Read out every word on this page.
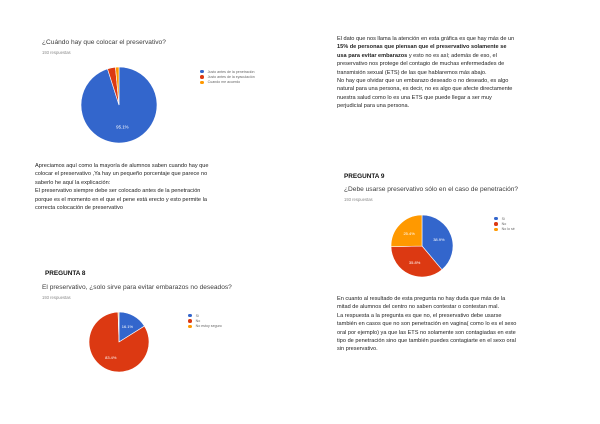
¿Cuándo hay que colocar el preservativo?
193 respuestas
95.1%
Justo antes de la penetración
Justo antes de la eyaculación
Cuando me acuerdo
El dato que nos llama la atención en esta gráfica es que hay más de un
15% de personas que piensan que el preservativo solamente se
usa para evitar embarazos y esto no es así; además de eso, el
preservativo nos protege del contagio de muchas enfermedades de
transmisión sexual (ETS) de las que hablaremos más abajo.
No hay que olvidar que un embarazo deseado o no deseado, es algo
natural para una persona, es decir, no es algo que afecte directamente
nuestra salud como lo es una ETS que puede llegar a ser muy
perjudicial para una persona.
Apreciamos aquí como la mayoría de alumnos saben cuando hay que
colocar el preservativo ,Ya hay un pequeño porcentaje que parece no
saberlo he aquí la explicación:
El preservativo siempre debe ser colocado antes de la penetración
porque es el momento en el que el pene está erecto y esto permite la
correcta colocación de preservativo
PREGUNTA 9
¿Debe usarse preservativo sólo en el caso de penetración?
193 respuestas
38.9%
35.8%
25.4%
Sí
No
No lo sé
PREGUNTA 8
El preservativo, ¿solo sirve para evitar embarazos no deseados?
193 respuestas
16.1%
83.4%
Sí
No
No estoy seguro
En cuanto al resultado de esta pregunta no hay duda que más de la
mitad de alumnos del centro no saben contestar o contestan mal.
La respuesta a la pregunta es que no, el preservativo debe usarse
también en casos que no son penetración en vagina( como lo es el sexo
oral por ejemplo) ya que las ETS no solamente son contagiadas en este
tipo de penetración sino que también puedes contagiarte en el sexo oral
sin preservativo.
